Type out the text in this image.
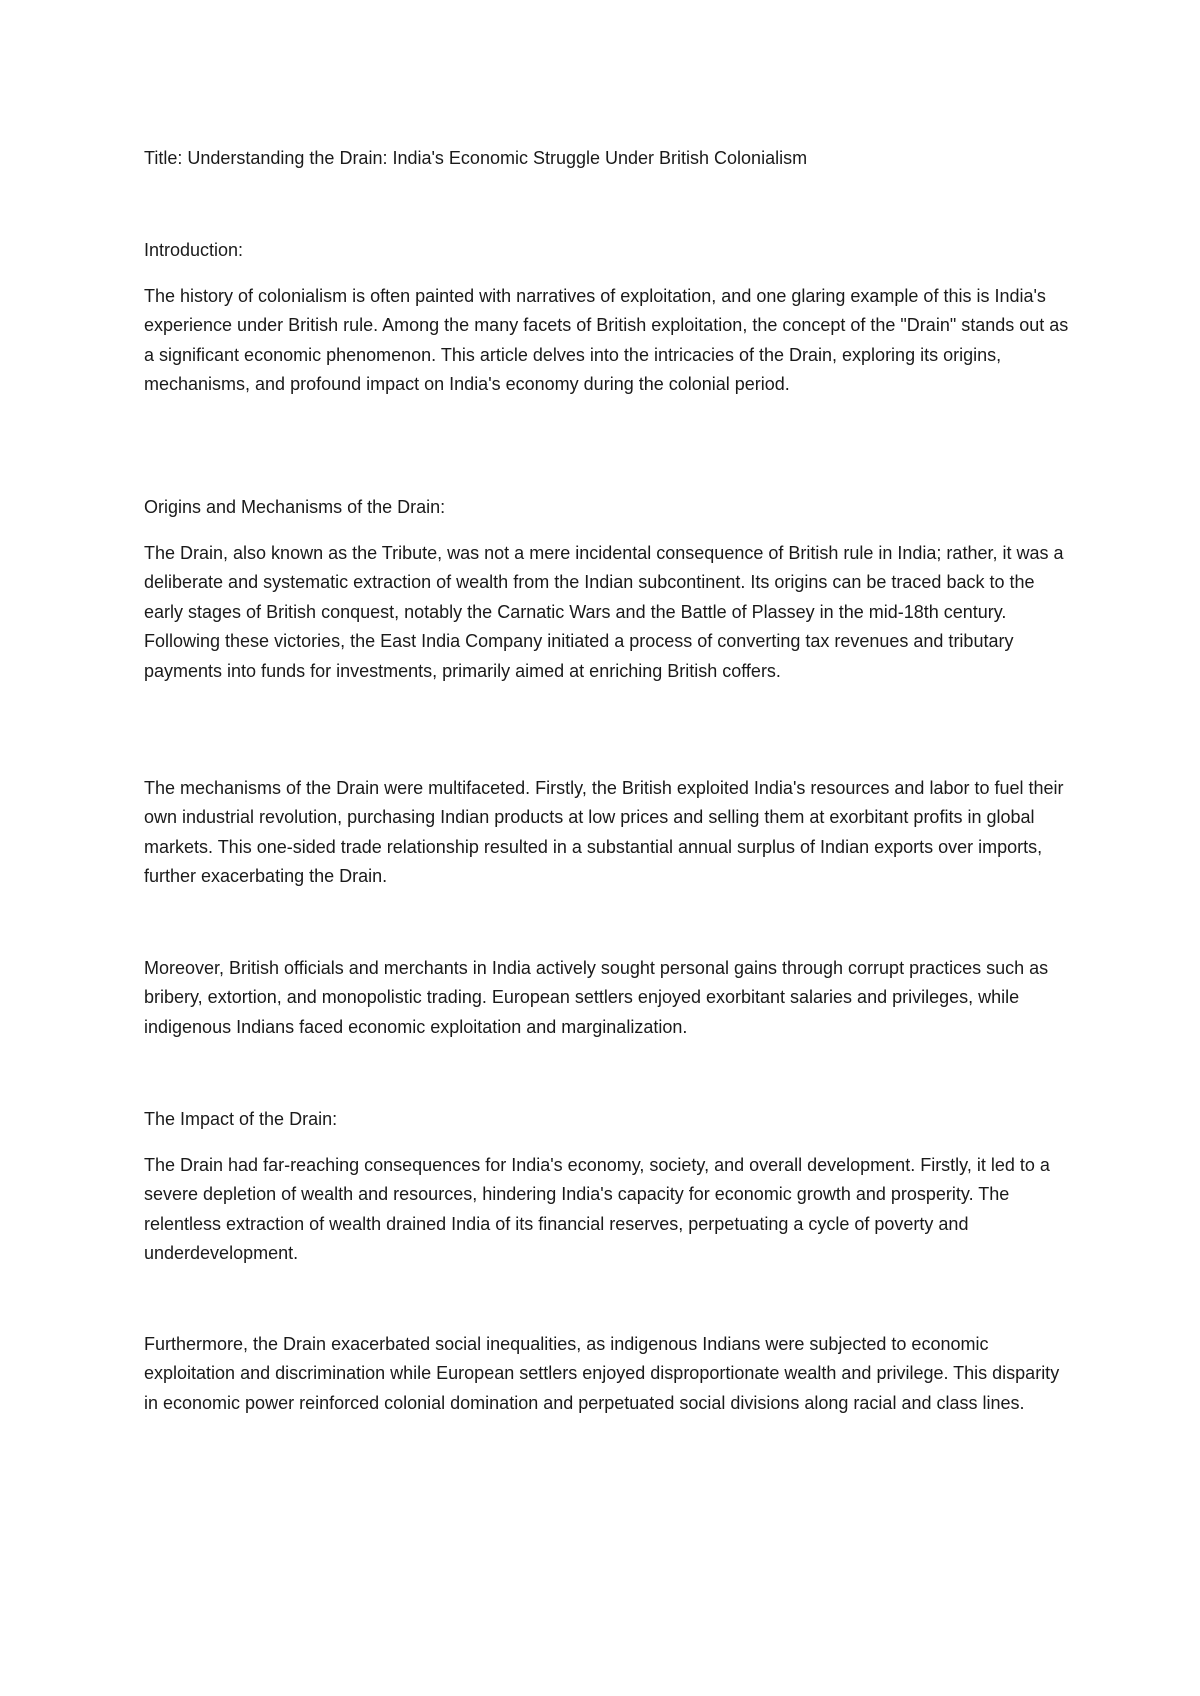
Title: Understanding the Drain: India's Economic Struggle Under British Colonialism

Introduction:

The history of colonialism is often painted with narratives of exploitation, and one glaring example of this is India's experience under British rule. Among the many facets of British exploitation, the concept of the "Drain" stands out as a significant economic phenomenon. This article delves into the intricacies of the Drain, exploring its origins, mechanisms, and profound impact on India's economy during the colonial period.

Origins and Mechanisms of the Drain:

The Drain, also known as the Tribute, was not a mere incidental consequence of British rule in India; rather, it was a deliberate and systematic extraction of wealth from the Indian subcontinent. Its origins can be traced back to the early stages of British conquest, notably the Carnatic Wars and the Battle of Plassey in the mid-18th century. Following these victories, the East India Company initiated a process of converting tax revenues and tributary payments into funds for investments, primarily aimed at enriching British coffers.

The mechanisms of the Drain were multifaceted. Firstly, the British exploited India's resources and labor to fuel their own industrial revolution, purchasing Indian products at low prices and selling them at exorbitant profits in global markets. This one-sided trade relationship resulted in a substantial annual surplus of Indian exports over imports, further exacerbating the Drain.

Moreover, British officials and merchants in India actively sought personal gains through corrupt practices such as bribery, extortion, and monopolistic trading. European settlers enjoyed exorbitant salaries and privileges, while indigenous Indians faced economic exploitation and marginalization.

The Impact of the Drain:

The Drain had far-reaching consequences for India's economy, society, and overall development. Firstly, it led to a severe depletion of wealth and resources, hindering India's capacity for economic growth and prosperity. The relentless extraction of wealth drained India of its financial reserves, perpetuating a cycle of poverty and underdevelopment.

Furthermore, the Drain exacerbated social inequalities, as indigenous Indians were subjected to economic exploitation and discrimination while European settlers enjoyed disproportionate wealth and privilege. This disparity in economic power reinforced colonial domination and perpetuated social divisions along racial and class lines.
